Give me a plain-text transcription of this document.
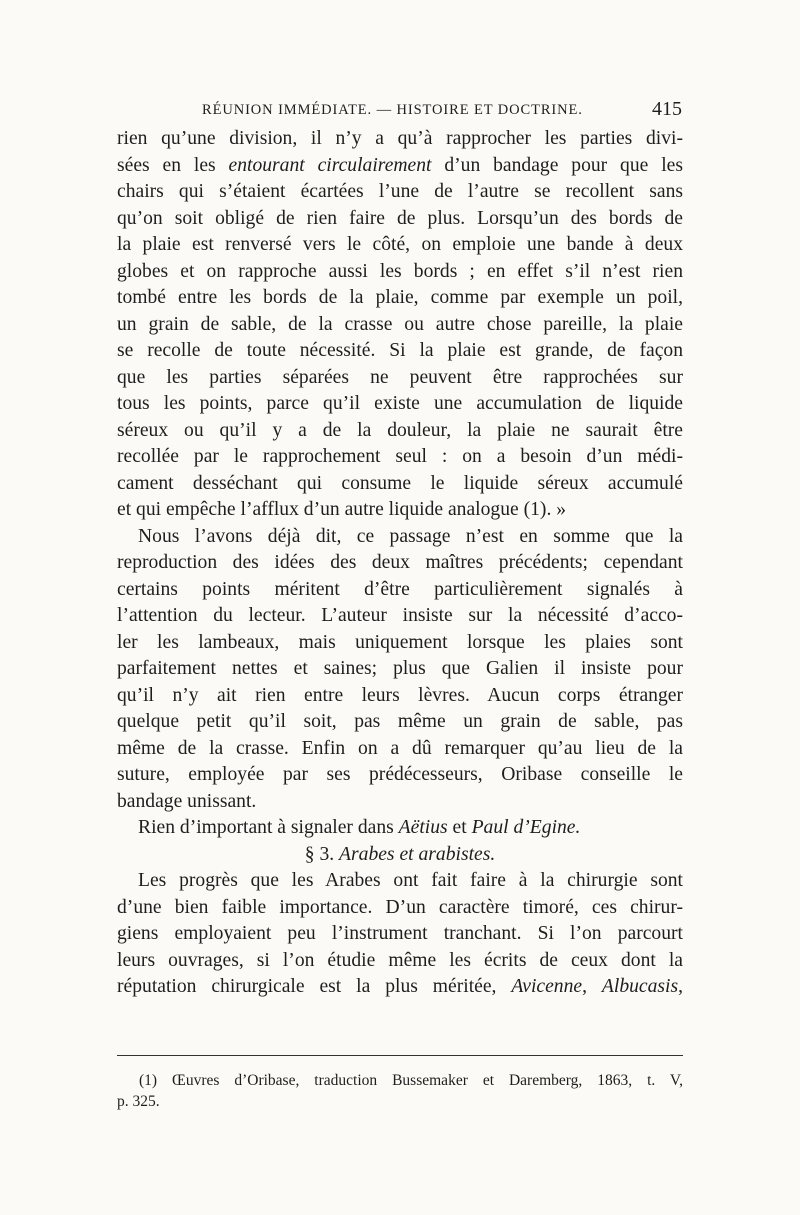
RÉUNION IMMÉDIATE. — HISTOIRE ET DOCTRINE.	415
rien qu’une division, il n’y a qu’à rapprocher les parties divi-
sées en les entourant circulairement d’un bandage pour que les
chairs qui s’étaient écartées l’une de l’autre se recollent sans
qu’on soit obligé de rien faire de plus. Lorsqu’un des bords de
la plaie est renversé vers le côté, on emploie une bande à deux
globes et on rapproche aussi les bords ; en effet s’il n’est rien
tombé entre les bords de la plaie, comme par exemple un poil,
un grain de sable, de la crasse ou autre chose pareille, la plaie
se recolle de toute nécessité. Si la plaie est grande, de façon
que les parties séparées ne peuvent être rapprochées sur
tous les points, parce qu’il existe une accumulation de liquide
séreux ou qu’il y a de la douleur, la plaie ne saurait être
recollée par le rapprochement seul : on a besoin d’un médi-
cament desséchant qui consume le liquide séreux accumulé
et qui empêche l’afflux d’un autre liquide analogue (1). »
Nous l’avons déjà dit, ce passage n’est en somme que la
reproduction des idées des deux maîtres précédents; cependant
certains points méritent d’être particulièrement signalés à
l’attention du lecteur. L’auteur insiste sur la nécessité d’acco-
ler les lambeaux, mais uniquement lorsque les plaies sont
parfaitement nettes et saines; plus que Galien il insiste pour
qu’il n’y ait rien entre leurs lèvres. Aucun corps étranger
quelque petit qu’il soit, pas même un grain de sable, pas
même de la crasse. Enfin on a dû remarquer qu’au lieu de la
suture, employée par ses prédécesseurs, Oribase conseille le
bandage unissant.
Rien d’important à signaler dans Aëtius et Paul d’Egine.
§ 3. Arabes et arabistes.
Les progrès que les Arabes ont fait faire à la chirurgie sont
d’une bien faible importance. D’un caractère timoré, ces chirur-
giens employaient peu l’instrument tranchant. Si l’on parcourt
leurs ouvrages, si l’on étudie même les écrits de ceux dont la
réputation chirurgicale est la plus méritée, Avicenne, Albucasis,
(1) Œuvres d’Oribase, traduction Bussemaker et Daremberg, 1863, t. V,
p. 325.
